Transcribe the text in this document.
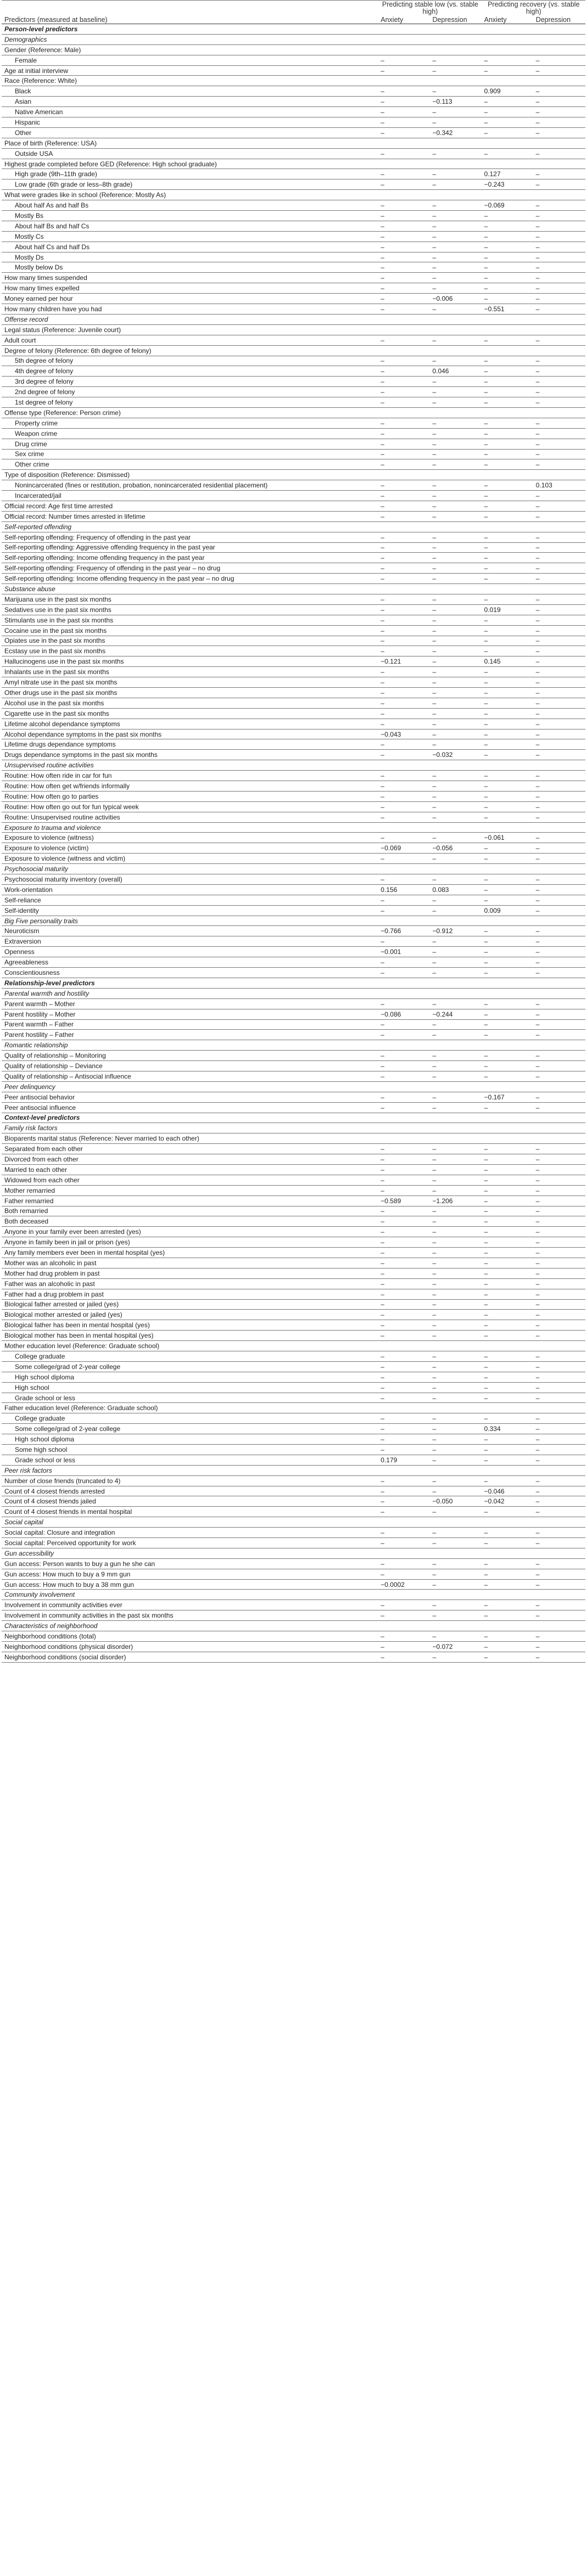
	Predicting stable low (vs. stable high)		Predicting recovery (vs. stable high)	
Predictors (measured at baseline)	Anxiety	Depression	Anxiety	Depression
Person-level predictors				
Demographics				
Gender (Reference: Male)				
Female	–	–	–	–
Age at initial interview	–	–	–	–
Race (Reference: White)				
Black	–	–	0.909	–
Asian	–	−0.113	–	–
Native American	–	–	–	–
Hispanic	–	–	–	–
Other	–	−0.342	–	–
Place of birth (Reference: USA)				
Outside USA	–	–	–	–
Highest grade completed before GED (Reference: High school graduate)				
High grade (9th–11th grade)	–	–	0.127	–
Low grade (6th grade or less–8th grade)	–	–	−0.243	–
What were grades like in school (Reference: Mostly As)				
About half As and half Bs	–	–	−0.069	–
Mostly Bs	–	–	–	–
About half Bs and half Cs	–	–	–	–
Mostly Cs	–	–	–	–
About half Cs and half Ds	–	–	–	–
Mostly Ds	–	–	–	–
Mostly below Ds	–	–	–	–
How many times suspended	–	–	–	–
How many times expelled	–	–	–	–
Money earned per hour	–	−0.006	–	–
How many children have you had	–	–	−0.551	–
Offense record				
Legal status (Reference: Juvenile court)				
Adult court	–	–	–	–
Degree of felony (Reference: 6th degree of felony)				
5th degree of felony	–	–	–	–
4th degree of felony	–	0.046	–	–
3rd degree of felony	–	–	–	–
2nd degree of felony	–	–	–	–
1st degree of felony	–	–	–	–
Offense type (Reference: Person crime)				
Property crime	–	–	–	–
Weapon crime	–	–	–	–
Drug crime	–	–	–	–
Sex crime	–	–	–	–
Other crime	–	–	–	–
Type of disposition (Reference: Dismissed)				
Nonincarcerated (fines or restitution, probation, nonincarcerated residential placement)	–	–	–	0.103
Incarcerated/jail	–	–	–	–
Official record: Age first time arrested	–	–	–	–
Official record: Number times arrested in lifetime	–	–	–	–
Self-reported offending				
Self-reporting offending: Frequency of offending in the past year	–	–	–	–
Self-reporting offending: Aggressive offending frequency in the past year	–	–	–	–
Self-reporting offending: Income offending frequency in the past year	–	–	–	–
Self-reporting offending: Frequency of offending in the past year – no drug	–	–	–	–
Self-reporting offending: Income offending frequency in the past year – no drug	–	–	–	–
Substance abuse				
Marijuana use in the past six months	–	–	–	–
Sedatives use in the past six months	–	–	0.019	–
Stimulants use in the past six months	–	–	–	–
Cocaine use in the past six months	–	–	–	–
Opiates use in the past six months	–	–	–	–
Ecstasy use in the past six months	–	–	–	–
Hallucinogens use in the past six months	−0.121	–	0.145	–
Inhalants use in the past six months	–	–	–	–
Amyl nitrate use in the past six months	–	–	–	–
Other drugs use in the past six months	–	–	–	–
Alcohol use in the past six months	–	–	–	–
Cigarette use in the past six months	–	–	–	–
Lifetime alcohol dependance symptoms	–	–	–	–
Alcohol dependance symptoms in the past six months	−0.043	–	–	–
Lifetime drugs dependance symptoms	–	–	–	–
Drugs dependance symptoms in the past six months	–	−0.032	–	–
Unsupervised routine activities				
Routine: How often ride in car for fun	–	–	–	–
Routine: How often get w/friends informally	–	–	–	–
Routine: How often go to parties	–	–	–	–
Routine: How often go out for fun typical week	–	–	–	–
Routine: Unsupervised routine activities	–	–	–	–
Exposure to trauma and violence				
Exposure to violence (witness)	–	–	−0.061	–
Exposure to violence (victim)	−0.069	−0.056	–	–
Exposure to violence (witness and victim)	–	–	–	–
Psychosocial maturity				
Psychosocial maturity inventory (overall)	–	–	–	–
Work-orientation	0.156	0.083	–	–
Self-reliance	–	–	–	–
Self-identity	–	–	0.009	–
Big Five personality traits				
Neuroticism	−0.766	−0.912	–	–
Extraversion	–	–	–	–
Openness	−0.001	–	–	–
Agreeableness	–	–	–	–
Conscientiousness	–	–	–	–
Relationship-level predictors				
Parental warmth and hostility				
Parent warmth – Mother	–	–	–	–
Parent hostility – Mother	−0.086	−0.244	–	–
Parent warmth – Father	–	–	–	–
Parent hostility – Father	–	–	–	–
Romantic relationship				
Quality of relationship – Monitoring	–	–	–	–
Quality of relationship – Deviance	–	–	–	–
Quality of relationship – Antisocial influence	–	–	–	–
Peer delinquency				
Peer antisocial behavior	–	–	−0.167	–
Peer antisocial influence	–	–	–	–
Context-level predictors				
Family risk factors				
Bioparents marital status (Reference: Never married to each other)				
Separated from each other	–	–	–	–
Divorced from each other	–	–	–	–
Married to each other	–	–	–	–
Widowed from each other	–	–	–	–
Mother remarried	–	–	–	–
Father remarried	−0.589	−1.206	–	–
Both remarried	–	–	–	–
Both deceased	–	–	–	–
Anyone in your family ever been arrested (yes)	–	–	–	–
Anyone in family been in jail or prison (yes)	–	–	–	–
Any family members ever been in mental hospital (yes)	–	–	–	–
Mother was an alcoholic in past	–	–	–	–
Mother had drug problem in past	–	–	–	–
Father was an alcoholic in past	–	–	–	–
Father had a drug problem in past	–	–	–	–
Biological father arrested or jailed (yes)	–	–	–	–
Biological mother arrested or jailed (yes)	–	–	–	–
Biological father has been in mental hospital (yes)	–	–	–	–
Biological mother has been in mental hospital (yes)	–	–	–	–
Mother education level (Reference: Graduate school)				
College graduate	–	–	–	–
Some college/grad of 2-year college	–	–	–	–
High school diploma	–	–	–	–
High school	–	–	–	–
Grade school or less	–	–	–	–
Father education level (Reference: Graduate school)				
College graduate	–	–	–	–
Some college/grad of 2-year college	–	–	0.334	–
High school diploma	–	–	–	–
Some high school	–	–	–	–
Grade school or less	0.179	–	–	–
Peer risk factors				
Number of close friends (truncated to 4)	–	–	–	–
Count of 4 closest friends arrested	–	–	−0.046	–
Count of 4 closest friends jailed	–	−0.050	−0.042	–
Count of 4 closest friends in mental hospital	–	–	–	–
Social capital				
Social capital: Closure and integration	–	–	–	–
Social capital: Perceived opportunity for work	–	–	–	–
Gun accessibility				
Gun access: Person wants to buy a gun he she can	–	–	–	–
Gun access: How much to buy a 9 mm gun	–	–	–	–
Gun access: How much to buy a 38 mm gun	−0.0002	–	–	–
Community involvement				
Involvement in community activities ever	–	–	–	–
Involvement in community activities in the past six months	–	–	–	–
Characteristics of neighborhood				
Neighborhood conditions (total)	–	–	–	–
Neighborhood conditions (physical disorder)	–	−0.072	–	–
Neighborhood conditions (social disorder)	–	–	–	–
